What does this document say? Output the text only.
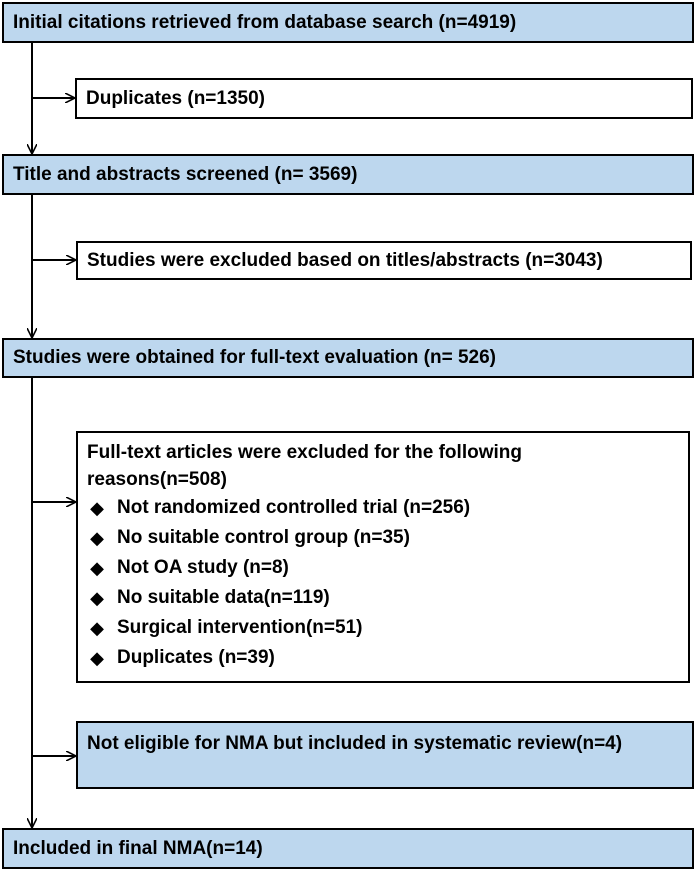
Initial citations retrieved from database search (n=4919)
Duplicates (n=1350)
Title and abstracts screened (n= 3569)
Studies were excluded based on titles/abstracts (n=3043)
Studies were obtained for full-text evaluation (n= 526)
Full-text articles were excluded for the following reasons(n=508)
◆ Not randomized controlled trial (n=256)
◆ No suitable control group (n=35)
◆ Not OA study (n=8)
◆ No suitable data(n=119)
◆ Surgical intervention(n=51)
◆ Duplicates (n=39)
Not eligible for NMA but included in systematic review(n=4)
Included in final NMA(n=14)
